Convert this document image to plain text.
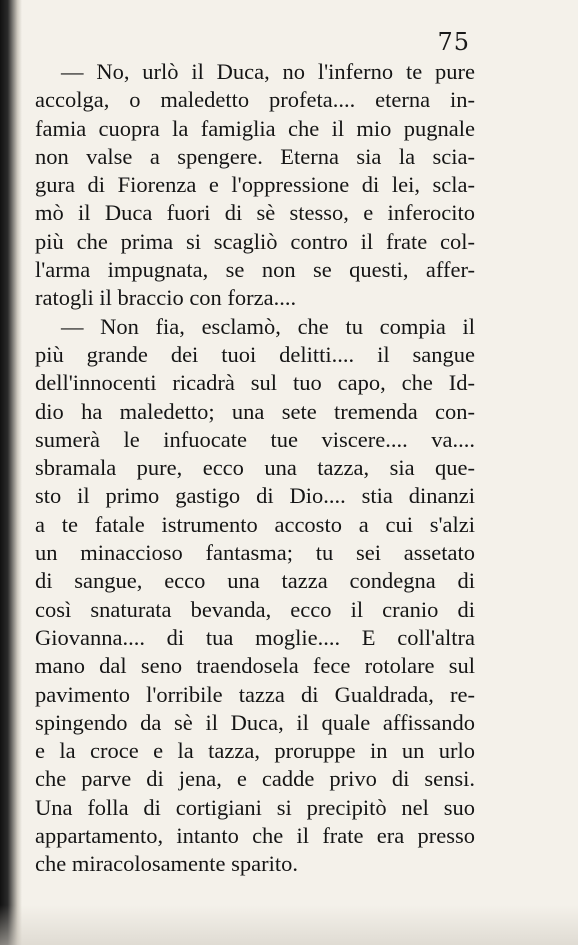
75
— No, urlò il Duca, no l'inferno te pure
accolga, o maledetto profeta.... eterna in-
famia cuopra la famiglia che il mio pugnale
non valse a spengere. Eterna sia la scia-
gura di Fiorenza e l'oppressione di lei, scla-
mò il Duca fuori di sè stesso, e inferocito
più che prima si scagliò contro il frate col-
l'arma impugnata, se non se questi, affer-
ratogli il braccio con forza....
— Non fia, esclamò, che tu compia il
più grande dei tuoi delitti.... il sangue
dell'innocenti ricadrà sul tuo capo, che Id-
dio ha maledetto; una sete tremenda con-
sumerà le infuocate tue viscere.... va....
sbramala pure, ecco una tazza, sia que-
sto il primo gastigo di Dio.... stia dinanzi
a te fatale istrumento accosto a cui s'alzi
un minaccioso fantasma; tu sei assetato
di sangue, ecco una tazza condegna di
così snaturata bevanda, ecco il cranio di
Giovanna.... di tua moglie.... E coll'altra
mano dal seno traendosela fece rotolare sul
pavimento l'orribile tazza di Gualdrada, re-
spingendo da sè il Duca, il quale affissando
e la croce e la tazza, proruppe in un urlo
che parve di jena, e cadde privo di sensi.
Una folla di cortigiani si precipitò nel suo
appartamento, intanto che il frate era presso
che miracolosamente sparito.
